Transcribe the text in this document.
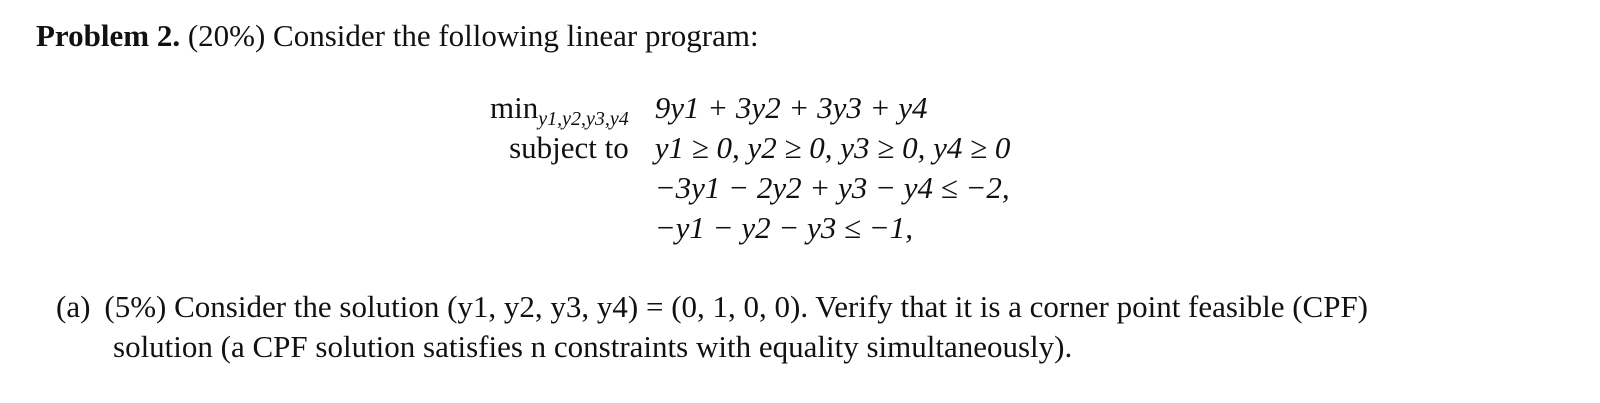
Problem 2. (20%) Consider the following linear program:
$\min_{y1,y2,y3,y4}$	9y1 + 3y2 + 3y3 + y4
subject to	y1 ≥ 0, y2 ≥ 0, y3 ≥ 0, y4 ≥ 0
	−3y1 − 2y2 + y3 − y4 ≤ −2,
	−y1 − y2 − y3 ≤ −1,
(a) (5%) Consider the solution (y1, y2, y3, y4) = (0, 1, 0, 0). Verify that it is a corner point feasible (CPF)
solution (a CPF solution satisfies n constraints with equality simultaneously).
